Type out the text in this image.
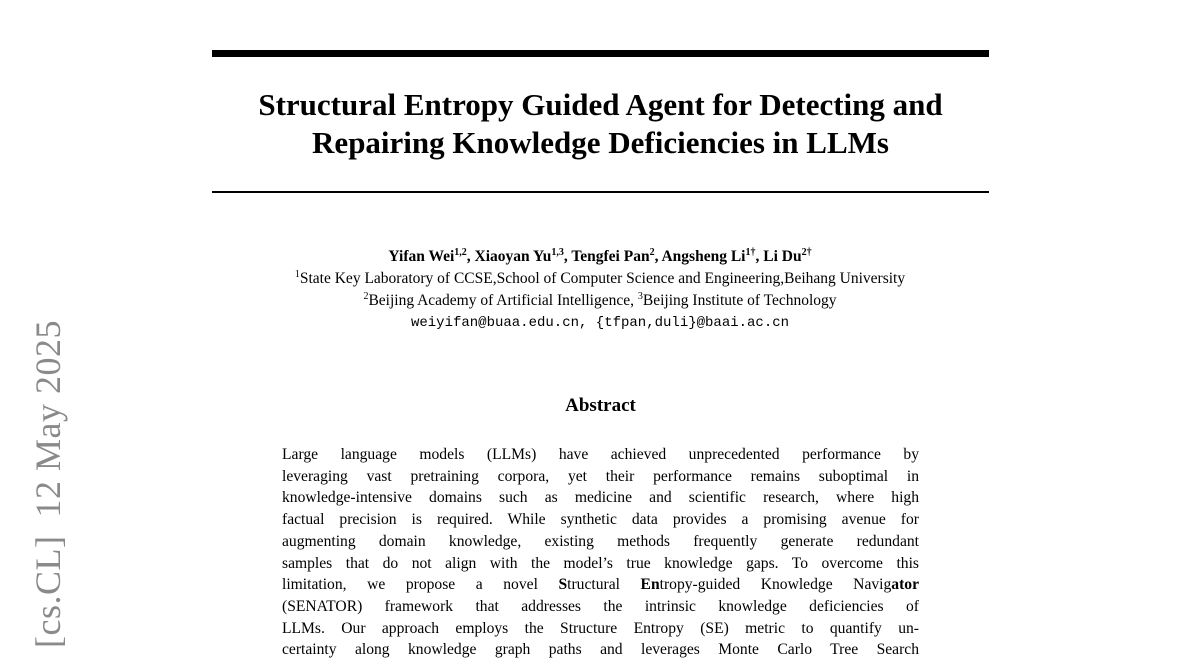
[cs.CL]12 May 2025
Structural Entropy Guided Agent for Detecting and
Repairing Knowledge Deficiencies in LLMs
Yifan Wei$^{1,2}$, Xiaoyan Yu$^{1,3}$, Tengfei Pan$^2$, Angsheng $Li^{1\dagger}$, Li $Du^{2\dagger}$
$^1$State Key Laboratory of CCSE,School of Computer Science and Engineering,Beihang University
$^2$Beijing Academy of Artificial Intelligence, $^3$Beijing Institute of Technology
weiyifan@buaa.edu.cn, {tfpan,duli}@baai.ac.cn
Abstract

Large language models (LLMs) have achieved unprecedented performance by
leveraging vast pretraining corpora, yet their performance remains suboptimal in
knowledge-intensive domains such as medicine and scientific research, where high
factual precision is required. While synthetic data provides a promising avenue for
augmenting domain knowledge, existing methods frequently generate redundant
samples that do not align with the model’s true knowledge gaps. To overcome this
limitation, we propose a novel Structural Entropy-guided Knowledge Navigator
(SENATOR) framework that addresses the intrinsic knowledge deficiencies of
LLMs. Our approach employs the Structure Entropy (SE) metric to quantify un-
certainty along knowledge graph paths and leverages Monte Carlo Tree Search
